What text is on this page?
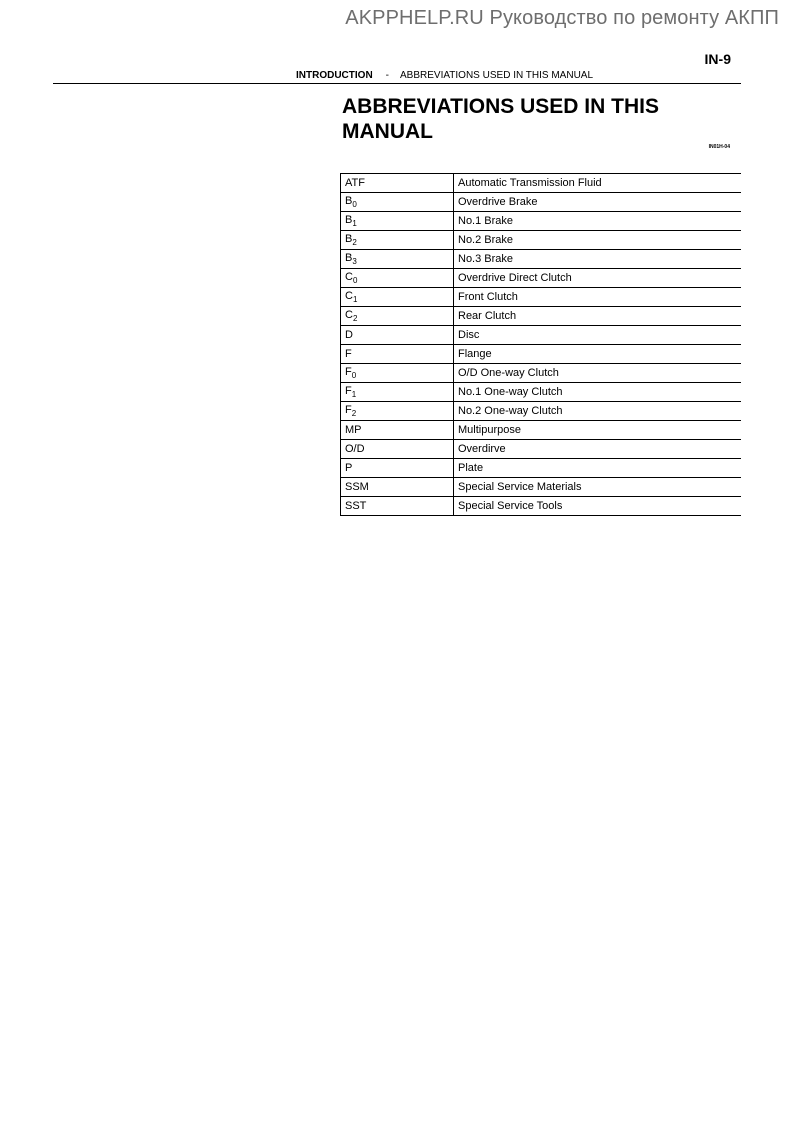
AKPPHELP.RU Руководство по ремонту АКПП
IN-9
INTRODUCTION - ABBREVIATIONS USED IN THIS MANUAL
ABBREVIATIONS USED IN THIS MANUAL
IN01H-04
ATF	Automatic Transmission Fluid
$B_0$	Overdrive Brake
$B_1$	No.1 Brake
$B_2$	No.2 Brake
$B_3$	No.3 Brake
$C_0$	Overdrive Direct Clutch
$C_1$	Front Clutch
$C_2$	Rear Clutch
D	Disc
F	Flange
$F_0$	O/D One-way Clutch
$F_1$	No.1 One-way Clutch
$F_2$	No.2 One-way Clutch
MP	Multipurpose
O/D	Overdirve
P	Plate
SSM	Special Service Materials
SST	Special Service Tools
